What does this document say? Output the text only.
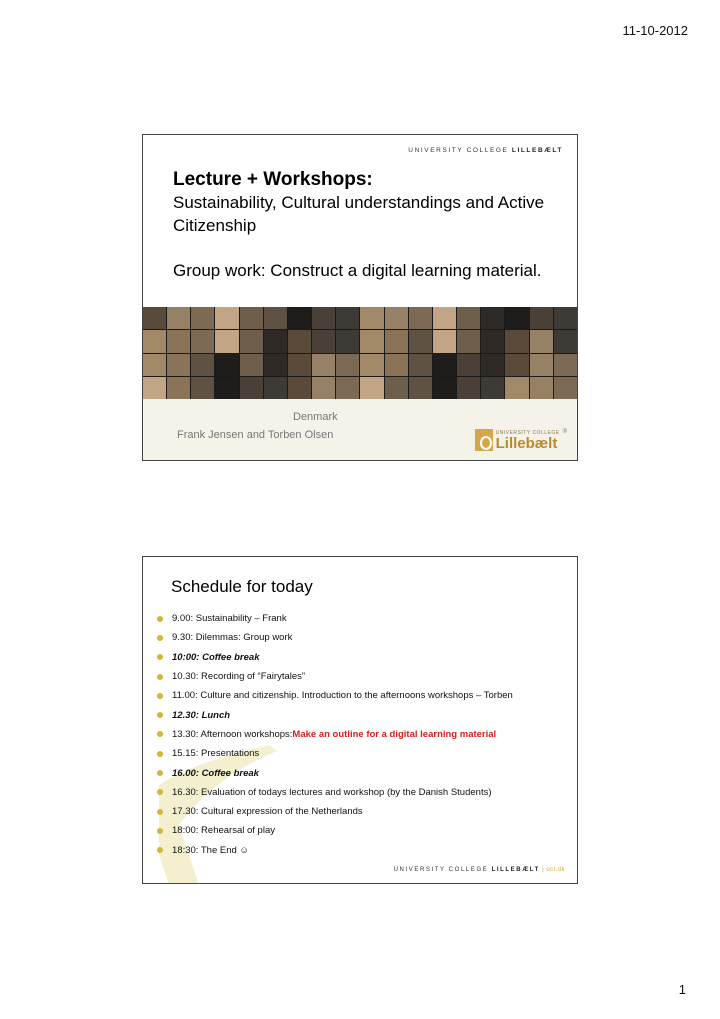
11-10-2012
UNIVERSITY COLLEGE LILLEBÆLT
Lecture + Workshops:
Sustainability, Cultural understandings and Active
Citizenship
Group work: Construct a digital learning material.
Denmark
Frank Jensen and Torben Olsen	UNIVERSITY COLLEGE
Lillebælt
®
Schedule for today
9.00: Sustainability – Frank
9.30: Dilemmas: Group work
10:00: Coffee break
10.30: Recording of “Fairytales”
11.00: Culture and citizenship. Introduction to the afternoons workshops – Torben
12.30: Lunch
13.30: Afternoon workshops: Make an outline for a digital learning material
15.15: Presentations
16.00: Coffee break
16.30: Evaluation of todays lectures and workshop (by the Danish Students)
17.30: Cultural expression of the Netherlands
18:00: Rehearsal of play
18:30: The End ☺
UNIVERSITY COLLEGE LILLEBÆLT | ucl.dk
1
